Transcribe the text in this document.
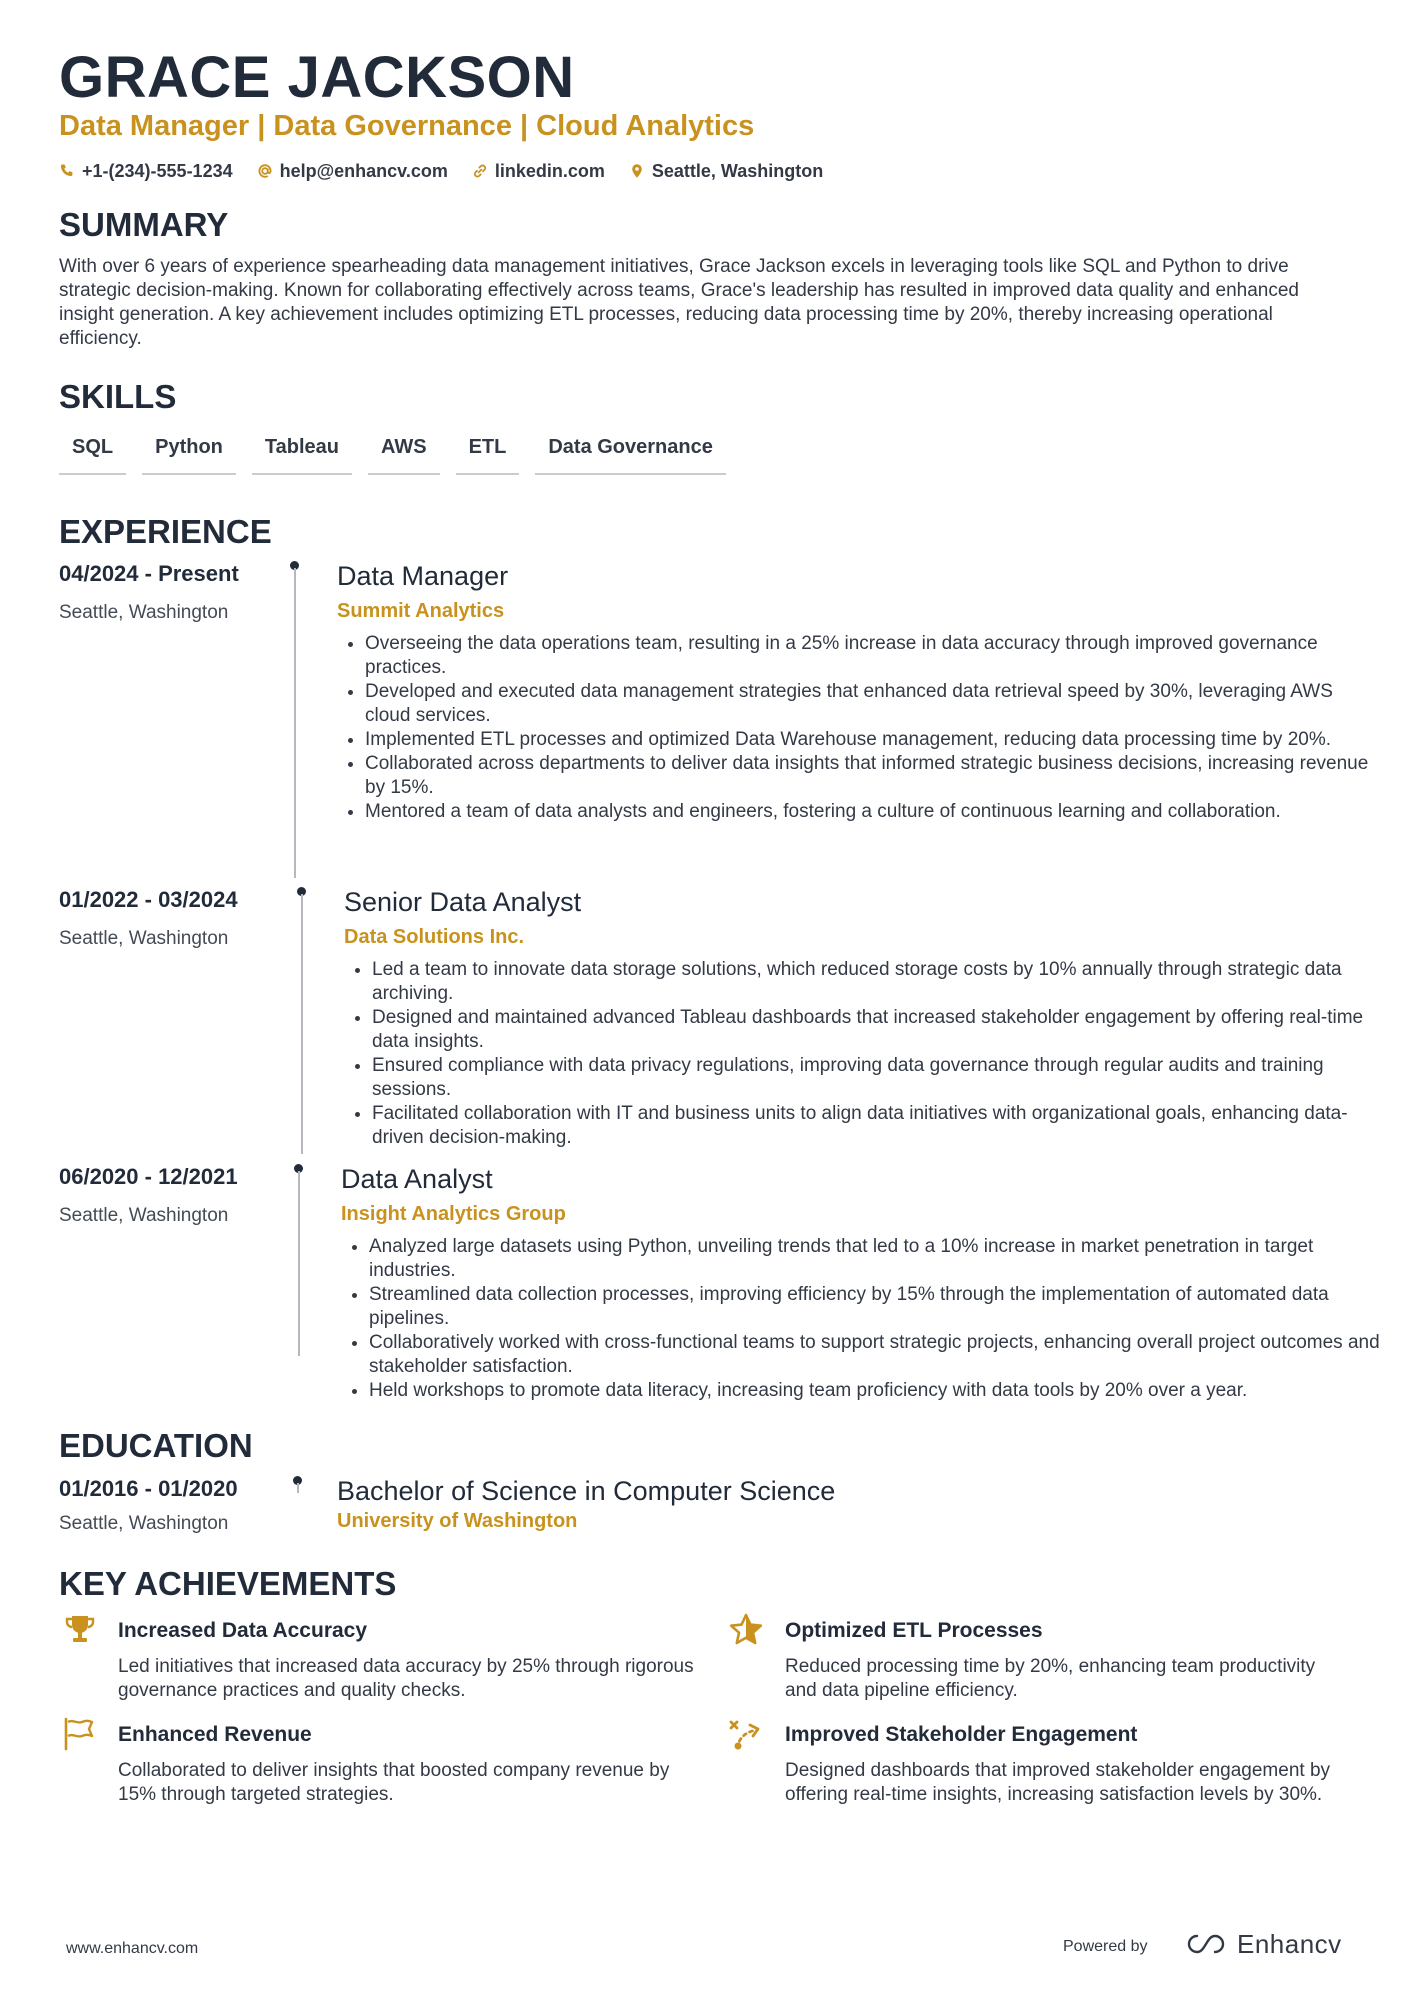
GRACE JACKSON
Data Manager | Data Governance | Cloud Analytics
+1-(234)-555-1234	help@enhancv.com	linkedin.com	Seattle, Washington
SUMMARY

With over 6 years of experience spearheading data management initiatives, Grace Jackson excels in leveraging tools like SQL and Python to drive strategic decision-making. Known for collaborating effectively across teams, Grace's leadership has resulted in improved data quality and enhanced insight generation. A key achievement includes optimizing ETL processes, reducing data processing time by 20%, thereby increasing operational efficiency.

SKILLS
SQL	Python	Tableau	AWS	ETL	Data Governance
EXPERIENCE
04/2024 - Present
Seattle, Washington
Data Manager
Summit Analytics
• Overseeing the data operations team, resulting in a 25% increase in data accuracy through improved governance practices.
• Developed and executed data management strategies that enhanced data retrieval speed by 30%, leveraging AWS cloud services.
• Implemented ETL processes and optimized Data Warehouse management, reducing data processing time by 20%.
• Collaborated across departments to deliver data insights that informed strategic business decisions, increasing revenue by 15%.
• Mentored a team of data analysts and engineers, fostering a culture of continuous learning and collaboration.
01/2022 - 03/2024
Seattle, Washington
Senior Data Analyst
Data Solutions Inc.
• Led a team to innovate data storage solutions, which reduced storage costs by 10% annually through strategic data archiving.
• Designed and maintained advanced Tableau dashboards that increased stakeholder engagement by offering real-time data insights.
• Ensured compliance with data privacy regulations, improving data governance through regular audits and training sessions.
• Facilitated collaboration with IT and business units to align data initiatives with organizational goals, enhancing data-driven decision-making.
06/2020 - 12/2021
Seattle, Washington
Data Analyst
Insight Analytics Group
• Analyzed large datasets using Python, unveiling trends that led to a 10% increase in market penetration in target industries.
• Streamlined data collection processes, improving efficiency by 15% through the implementation of automated data pipelines.
• Collaboratively worked with cross-functional teams to support strategic projects, enhancing overall project outcomes and stakeholder satisfaction.
• Held workshops to promote data literacy, increasing team proficiency with data tools by 20% over a year.
EDUCATION
01/2016 - 01/2020
Seattle, Washington
Bachelor of Science in Computer Science
University of Washington
KEY ACHIEVEMENTS
Increased Data Accuracy

Led initiatives that increased data accuracy by 25% through rigorous governance practices and quality checks.

Optimized ETL Processes

Reduced processing time by 20%, enhancing team productivity and data pipeline efficiency.

Enhanced Revenue

Collaborated to deliver insights that boosted company revenue by 15% through targeted strategies.

Improved Stakeholder Engagement

Designed dashboards that improved stakeholder engagement by offering real-time insights, increasing satisfaction levels by 30%.

www.enhancv.com	Powered by	Enhancv
